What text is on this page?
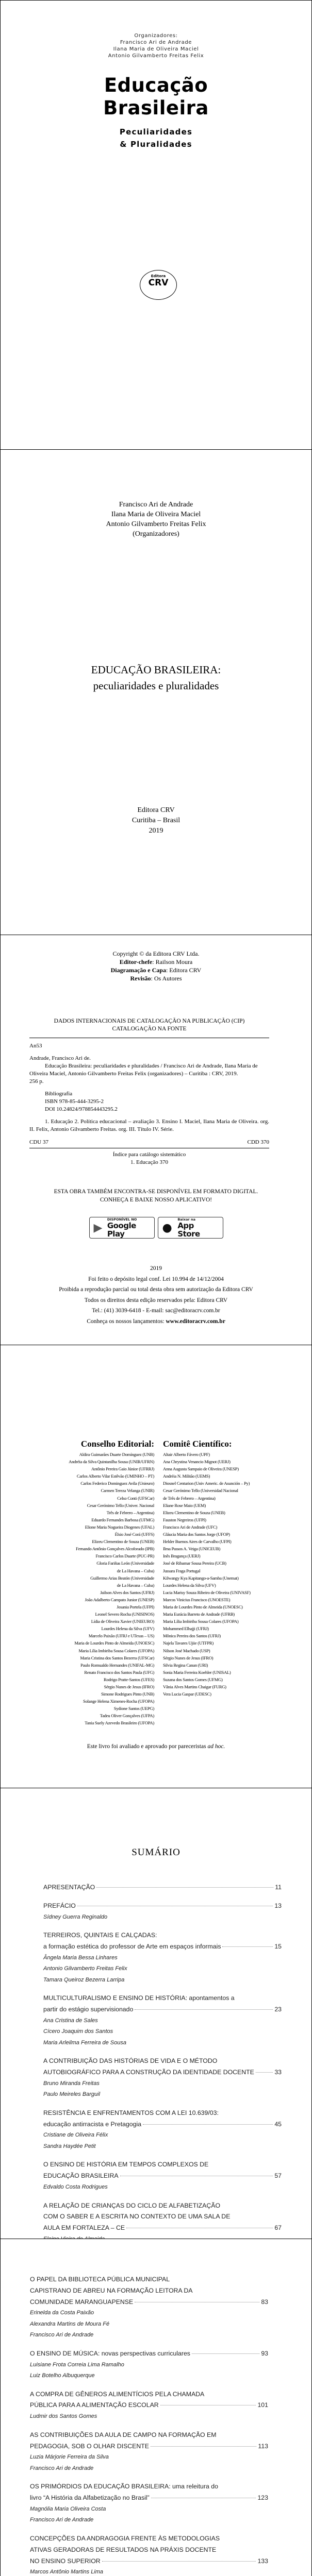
Organizadores:
Francisco Ari de Andrade
Ilana Maria de Oliveira Maciel
Antonio Gilvamberto Freitas Felix
Educação
Brasileira
Peculiaridades
& Pluralidades
Editora
CRV
Francisco Ari de Andrade
Ilana Maria de Oliveira Maciel
Antonio Gilvamberto Freitas Felix
(Organizadores)
EDUCAÇÃO BRASILEIRA:
peculiaridades e pluralidades
Editora CRV
Curitiba – Brasil
2019
Copyright © da Editora CRV Ltda.
Editor-chefe: Railson Moura
Diagramação e Capa: Editora CRV
Revisão: Os Autores
DADOS INTERNACIONAIS DE CATALOGAÇÃO NA PUBLICAÇÃO (CIP)
CATALOGAÇÃO NA FONTE

An53

Andrade, Francisco Ari de.

Educação Brasileira: peculiaridades e pluralidades / Francisco Ari de Andrade, Ilana Maria de Oliveira Maciel, Antonio Gilvamberto Freitas Felix (organizadores) – Curitiba : CRV, 2019.

256 p.

Bibliografia

ISBN 978-85-444-3295-2

DOI 10.24824/978854443295.2

1. Educação 2. Política educacional – avaliação 3. Ensino I. Maciel, Ilana Maria de Oliveira. org. II. Felix, Antonio Gilvamberto Freitas. org. III. Título IV. Série.

CDU 37	CDD 370
Índice para catálogo sistemático
1. Educação 370
ESTA OBRA TAMBÉM ENCONTRA-SE DISPONÍVEL EM FORMATO DIGITAL.
CONHEÇA E BAIXE NOSSO APLICATIVO!
▶
DISPONÍVEL NO
Google Play	●
Baixar na
App Store
2019
Foi feito o depósito legal conf. Lei 10.994 de 14/12/2004
Proibida a reprodução parcial ou total desta obra sem autorização da Editora CRV
Todos os direitos desta edição reservados pela: Editora CRV
Tel.: (41) 3039-6418 - E-mail: sac@editoracrv.com.br
Conheça os nossos lançamentos: www.editoracrv.com.br
Conselho Editorial:
Aldira Guimarães Duarte Domínguez (UNB)
Andréia da Silva Quintanilha Sousa (UNIR/UFRN)
Antônio Pereira Gaio Júnior (UFRRJ)
Carlos Alberto Vilar Estêvão (UMINHO – PT)
Carlos Federico Dominguez Avila (Unieuro)
Carmen Tereza Velanga (UNIR)
Celso Conti (UFSCar)
Cesar Gerónimo Tello (Univer. Nacional
Três de Febrero – Argentina)
Eduardo Fernandes Barbosa (UFMG)
Elione Maria Nogueira Diogenes (UFAL)
Élsio José Corá (UFFS)
Elizeu Clementino de Souza (UNEB)
Fernando Antônio Gonçalves Alcoforado (IPB)
Francisco Carlos Duarte (PUC-PR)
Gloria Fariñas León (Universidade
de La Havana – Cuba)
Guillermo Arias Beatón (Universidade
de La Havana – Cuba)
Jailson Alves dos Santos (UFRJ)
João Adalberto Campato Junior (UNESP)
Josania Portela (UFPI)
Leonel Severo Rocha (UNISINOS)
Lídia de Oliveira Xavier (UNIEURO)
Lourdes Helena da Silva (UFV)
Marcelo Paixão (UFRJ e UTexas – US)
Maria de Lourdes Pinto de Almeida (UNOESC)
Maria Lília Imbiriba Sousa Colares (UFOPA)
Maria Cristina dos Santos Bezerra (UFSCar)
Paulo Romualdo Hernandes (UNIFAL-MG)
Renato Francisco dos Santos Paula (UFG)
Rodrigo Pratte-Santos (UFES)
Sérgio Nunes de Jesus (IFRO)
Simone Rodrigues Pinto (UNB)
Solange Helena Ximenes-Rocha (UFOPA)
Sydione Santos (UEPG)
Tadeu Oliver Gonçalves (UFPA)
Tania Suely Azevedo Brasileiro (UFOPA)
Comitê Científico:
Altair Alberto Fávero (UPF)
Ana Chrystina Venancio Mignot (UERJ)
Anna Augusta Sampaio de Oliveira (UNESP)
Andréia N. Militão (UEMS)
Diosnel Centurion (Univ Americ. de Asunción – Py)
Cesar Gerónimo Tello (Universidad Nacional
de Três de Febrero – Argentina)
Eliane Rose Maio (UEM)
Elizeu Clementino de Souza (UNEB)
Fauston Negreiros (UFPI)
Francisco Ari de Andrade (UFC)
Gláucia Maria dos Santos Jorge (UFOP)
Helder Buenos Aires de Carvalho (UFPI)
Ilma Passos A. Veiga (UNICEUB)
Inês Bragança (UERJ)
José de Ribamar Sousa Pereira (UCB)
Jussara Fraga Portugal
Kilwangy Kya Kapitango-a-Samba (Unemat)
Lourdes Helena da Silva (UFV)
Lucia Marisy Souza Ribeiro de Oliveira (UNIVASF)
Marcos Vinicius Francisco (UNOESTE)
Maria de Lourdes Pinto de Almeida (UNOESC)
Maria Eurácia Barreto de Andrade (UFRB)
Maria Lília Imbiriba Sousa Colares (UFOPA)
Mohammed Elhajji (UFRJ)
Mônica Pereira dos Santos (UFRJ)
Najela Tavares Ujiie (UTFPR)
Nilson José Machado (USP)
Sérgio Nunes de Jesus (IFRO)
Silvia Regina Canan (URI)
Sonia Maria Ferreira Koehler (UNISAL)
Suzana dos Santos Gomes (UFMG)
Vânia Alves Martins Chaigar (FURG)
Vera Lucia Gaspar (UDESC)
Este livro foi avaliado e aprovado por pareceristas ad hoc.
SUMÁRIO
APRESENTAÇÃO	11
PREFÁCIO	13
Sídney Guerra Reginaldo
TERREIROS, QUINTAIS E CALÇADAS:
a formação estética do professor de Arte em espaços informais	15
Ângela Maria Bessa Linhares
Antonio Gilvamberto Freitas Felix
Tamara Queiroz Bezerra Larripa
MULTICULTURALISMO E ENSINO DE HISTÓRIA: apontamentos a
partir do estágio supervisionado	23
Ana Cristina de Sales
Cícero Joaquim dos Santos
Maria Arleilma Ferreira de Sousa
A CONTRIBUIÇÃO DAS HISTÓRIAS DE VIDA E O MÉTODO
AUTOBIOGRÁFICO PARA A CONSTRUÇÃO DA IDENTIDADE DOCENTE	33
Bruno Miranda Freitas
Paulo Meireles Barguil
RESISTÊNCIA E ENFRENTAMENTOS COM A LEI 10.639/03:
educação antirracista e Pretagogia	45
Cristiane de Oliveira Félix
Sandra Haydée Petit
O ENSINO DE HISTÓRIA EM TEMPOS COMPLEXOS DE
EDUCAÇÃO BRASILEIRA	57
Edvaldo Costa Rodrigues
A RELAÇÃO DE CRIANÇAS DO CICLO DE ALFABETIZAÇÃO
COM O SABER E A ESCRITA NO CONTEXTO DE UMA SALA DE
AULA EM FORTALEZA – CE	67
O PAPEL DA BIBLIOTECA PÚBLICA MUNICIPAL
CAPISTRANO DE ABREU NA FORMAÇÃO LEITORA DA
COMUNIDADE MARANGUAPENSE	83
Erinelda da Costa Paixão
Alexandra Martins de Moura Fé
Francisco Ari de Andrade
O ENSINO DE MÚSICA: novas perspectivas curriculares	93
Luisiane Frota Correia Lima Ramalho
Luiz Botelho Albuquerque
A COMPRA DE GÊNEROS ALIMENTÍCIOS PELA CHAMADA
PÚBLICA PARA A ALIMENTAÇÃO ESCOLAR	101
Ludmir dos Santos Gomes
AS CONTRIBUIÇÕES DA AULA DE CAMPO NA FORMAÇÃO EM
PEDAGOGIA, SOB O OLHAR DISCENTE	113
Luzia Márjorie Ferreira da Silva
Francisco Ari de Andrade
OS PRIMÓRDIOS DA EDUCAÇÃO BRASILEIRA: uma releitura do
livro “A História da Alfabetização no Brasil”	123
Magnólia Maria Oliveira Costa
Francisco Ari de Andrade
CONCEPÇÕES DA ANDRAGOGIA FRENTE ÀS METODOLOGIAS
ATIVAS GERADORAS DE RESULTADOS NA PRÁXIS DOCENTE
NO ENSINO SUPERIOR	133
Marcos Antônio Martins Lima
